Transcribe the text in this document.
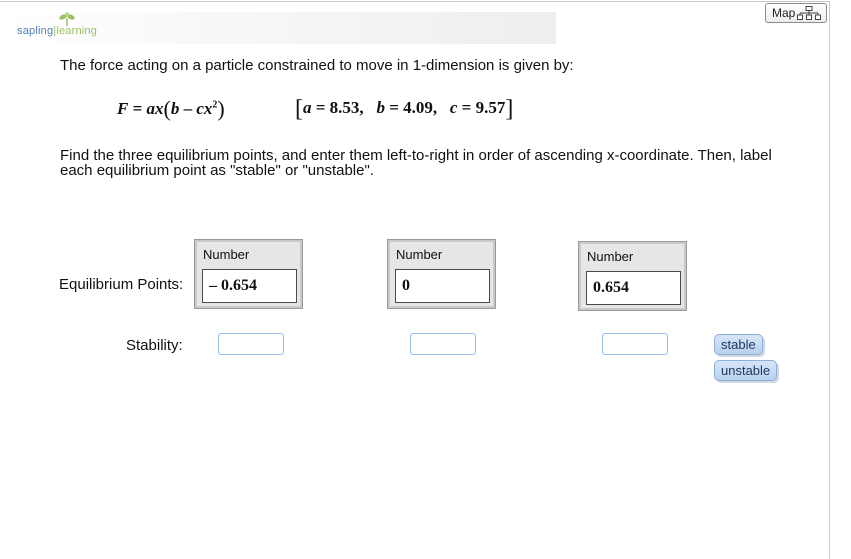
sapling|learning
Map
The force acting on a particle constrained to move in 1-dimension is given by:
$F = ax(b - cx^2)$	[a = 8.53,   b = 4.09,   c = 9.57]
Find the three equilibrium points, and enter them left-to-right in order of ascending x-coordinate. Then, label each equilibrium point as "stable" or "unstable".
Equilibrium Points:
Stability:
Number
– 0.654
Number
0
Number
0.654
stable
unstable
